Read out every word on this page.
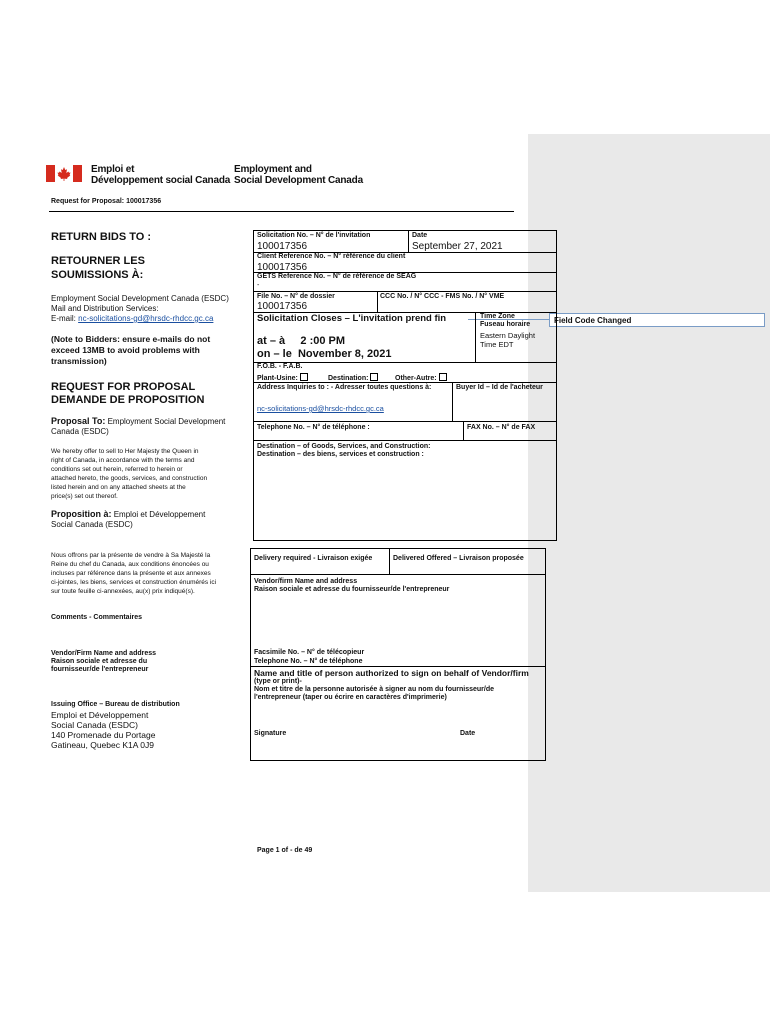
Field Code Changed
Emploi et
Développement social Canada
Employment and
Social Development Canada
Request for Proposal: 100017356
RETURN BIDS TO :
RETOURNER LES
SOUMISSIONS À:
Employment Social Development Canada (ESDC)
Mail and Distribution Services:
E-mail: nc-solicitations-gd@hrsdc-rhdcc.gc.ca
(Note to Bidders: ensure e-mails do not
exceed 13MB to avoid problems with
transmission)
REQUEST FOR PROPOSAL
DEMANDE DE PROPOSITION
Proposal To: Employment Social Development
Canada (ESDC)
We hereby offer to sell to Her Majesty the Queen in
right of Canada, in accordance with the terms and
conditions set out herein, referred to herein or
attached hereto, the goods, services, and construction
listed herein and on any attached sheets at the
price(s) set out thereof.
Proposition à: Emploi et Développement
Social Canada (ESDC)
Nous offrons par la présente de vendre à Sa Majesté la
Reine du chef du Canada, aux conditions énoncées ou
incluses par référence dans la présente et aux annexes
ci-jointes, les biens, services et construction énumérés ici
sur toute feuille ci-annexées, au(x) prix indiqué(s).
Comments - Commentaires
Vendor/Firm Name and address
Raison sociale et adresse du
fournisseur/de l'entrepreneur
Issuing Office – Bureau de distribution
Emploi et Développement
Social Canada (ESDC)
140 Promenade du Portage
Gatineau, Quebec K1A 0J9
Solicitation No. – N° de l'invitation
100017356
Date
September 27, 2021
Client Reference No. – N° référence du client
100017356
GETS Reference No. – N° de référence de SEAG
-
File No. – N° de dossier
100017356
CCC No. / N° CCC - FMS No. / N° VME
Solicitation Closes – L'invitation prend fin
at – à     2 :00 PM
on – le  November 8, 2021
Time Zone
Fuseau horaire
Eastern Daylight
Time EDT
F.O.B. - F.A.B.
Plant-Usine:	Destination:	Other-Autre:
Address Inquiries to : - Adresser toutes questions à:
nc-solicitations-gd@hrsdc-rhdcc.gc.ca
Buyer Id – Id de l'acheteur
Telephone No. – N° de téléphone :	FAX No. – N° de FAX
Destination – of Goods, Services, and Construction:
Destination – des biens, services et construction :
Delivery required - Livraison exigée	Delivered Offered – Livraison proposée
Vendor/firm Name and address
Raison sociale et adresse du fournisseur/de l'entrepreneur
Facsimile No. – N° de télécopieur
Telephone No. – N° de téléphone
Name and title of person authorized to sign on behalf of Vendor/firm
(type or print)-
Nom et titre de la personne autorisée à signer au nom du fournisseur/de
l'entrepreneur (taper ou écrire en caractères d'imprimerie)
Signature	Date
Page 1 of - de 49
